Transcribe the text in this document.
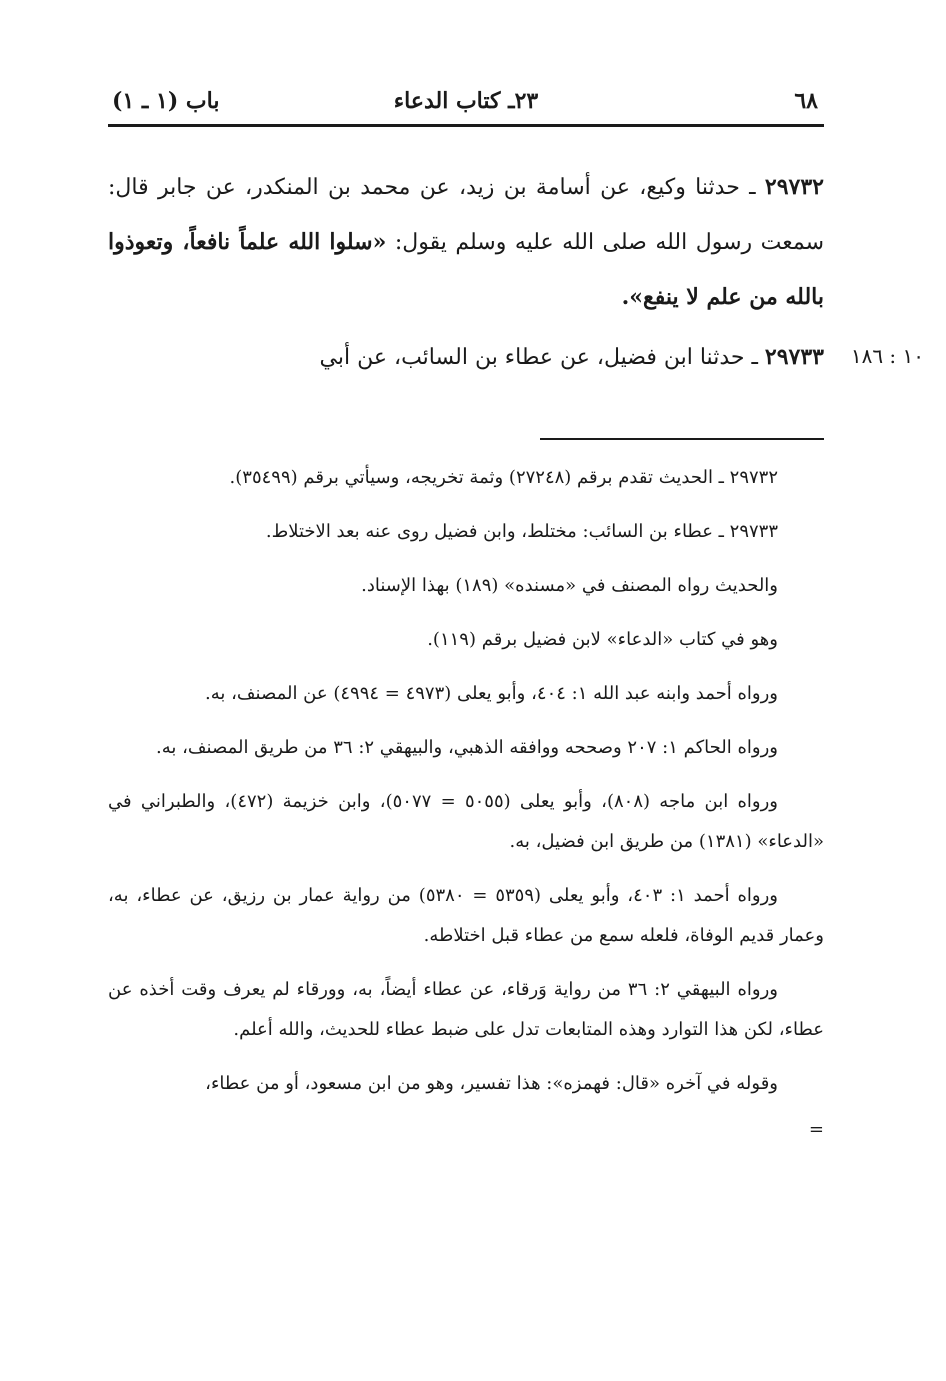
٦٨
٢٣ـ كتاب الدعاء
باب (١ ـ ١)

٢٩٧٣٢ ـ حدثنا وكيع، عن أسامة بن زيد، عن محمد بن المنكدر، عن جابر قال: سمعت رسول الله صلى الله عليه وسلم يقول: «سلوا الله علماً نافعاً، وتعوذوا بالله من علم لا ينفع».

٢٩٧٣٣ ـ حدثنا ابن فضيل، عن عطاء بن السائب، عن أبي	١٠ : ١٨٦

٢٩٧٣٢ ـ الحديث تقدم برقم (٢٧٢٤٨) وثمة تخريجه، وسيأتي برقم (٣٥٤٩٩).

٢٩٧٣٣ ـ عطاء بن السائب: مختلط، وابن فضيل روى عنه بعد الاختلاط.

والحديث رواه المصنف في «مسنده» (١٨٩) بهذا الإسناد.

وهو في كتاب «الدعاء» لابن فضيل برقم (١١٩).

ورواه أحمد وابنه عبد الله ١: ٤٠٤، وأبو يعلى (٤٩٧٣ = ٤٩٩٤) عن المصنف، به.

ورواه الحاكم ١: ٢٠٧ وصححه ووافقه الذهبي، والبيهقي ٢: ٣٦ من طريق المصنف، به.

ورواه ابن ماجه (٨٠٨)، وأبو يعلى (٥٠٥٥ = ٥٠٧٧)، وابن خزيمة (٤٧٢)، والطبراني في «الدعاء» (١٣٨١) من طريق ابن فضيل، به.

ورواه أحمد ١: ٤٠٣، وأبو يعلى (٥٣٥٩ = ٥٣٨٠) من رواية عمار بن رزيق، عن عطاء، به، وعمار قديم الوفاة، فلعله سمع من عطاء قبل اختلاطه.

ورواه البيهقي ٢: ٣٦ من رواية وَرقاء، عن عطاء أيضاً، به، وورقاء لم يعرف وقت أخذه عن عطاء، لكن هذا التوارد وهذه المتابعات تدل على ضبط عطاء للحديث، والله أعلم.

وقوله في آخره «قال: فهمزه»: هذا تفسير، وهو من ابن مسعود، أو من عطاء،

=
